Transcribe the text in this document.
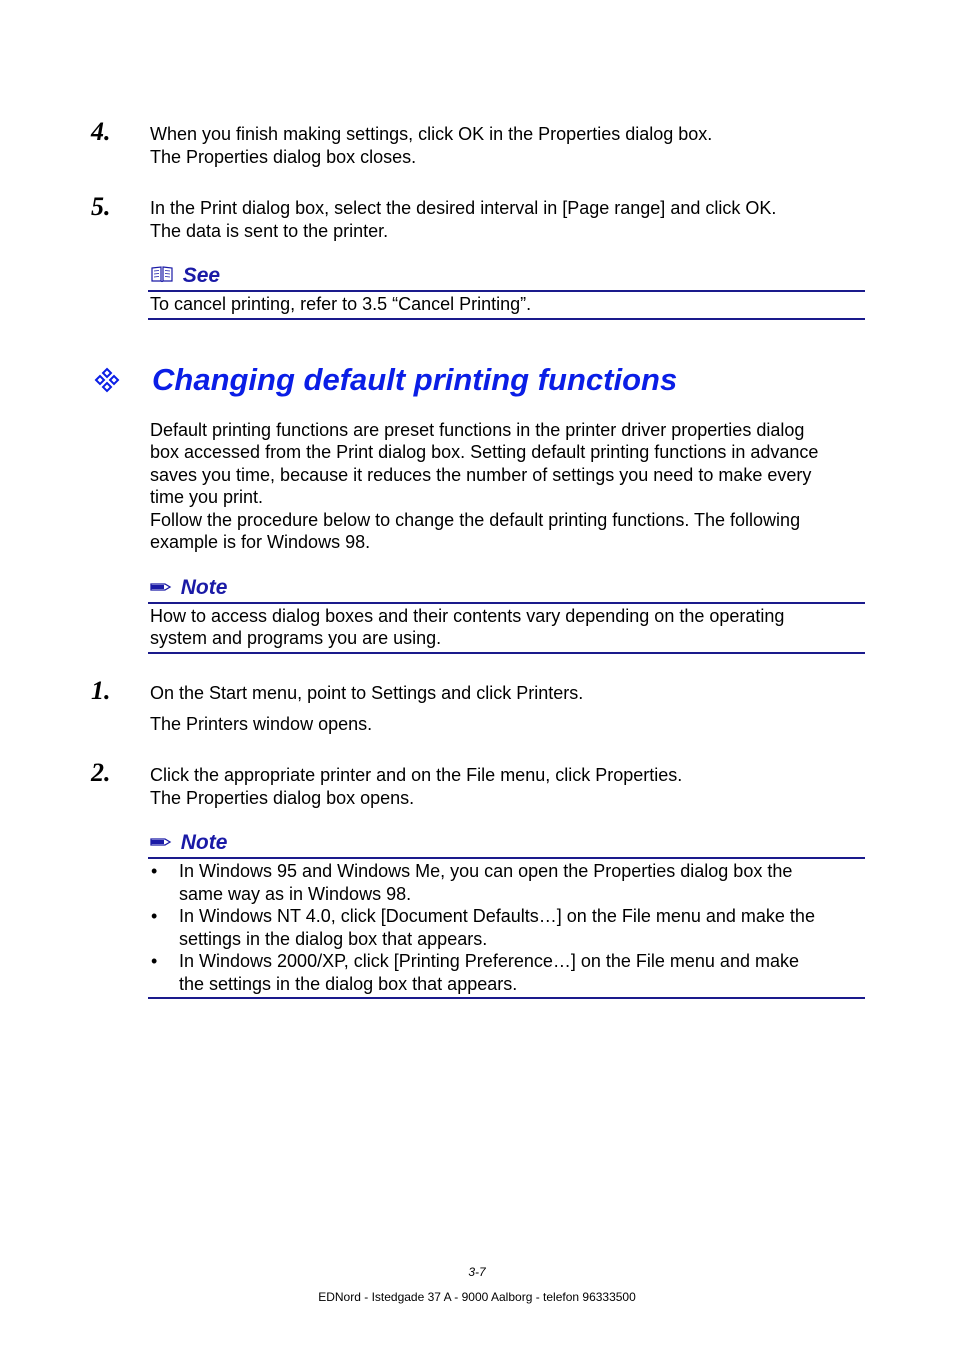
4. When you finish making settings, click OK in the Properties dialog box.
The Properties dialog box closes.
5. In the Print dialog box, select the desired interval in [Page range] and click OK.
The data is sent to the printer.
See
To cancel printing, refer to 3.5 “Cancel Printing”.
Changing default printing functions
Default printing functions are preset functions in the printer driver properties dialog
box accessed from the Print dialog box. Setting default printing functions in advance
saves you time, because it reduces the number of settings you need to make every
time you print.
Follow the procedure below to change the default printing functions. The following
example is for Windows 98.
Note
How to access dialog boxes and their contents vary depending on the operating
system and programs you are using.
1. On the Start menu, point to Settings and click Printers.
The Printers window opens.
2. Click the appropriate printer and on the File menu, click Properties.
The Properties dialog box opens.
Note
• In Windows 95 and Windows Me, you can open the Properties dialog box the
same way as in Windows 98.
• In Windows NT 4.0, click [Document Defaults…] on the File menu and make the
settings in the dialog box that appears.
• In Windows 2000/XP, click [Printing Preference…] on the File menu and make
the settings in the dialog box that appears.
3-7
EDNord - Istedgade 37 A - 9000 Aalborg - telefon 96333500
